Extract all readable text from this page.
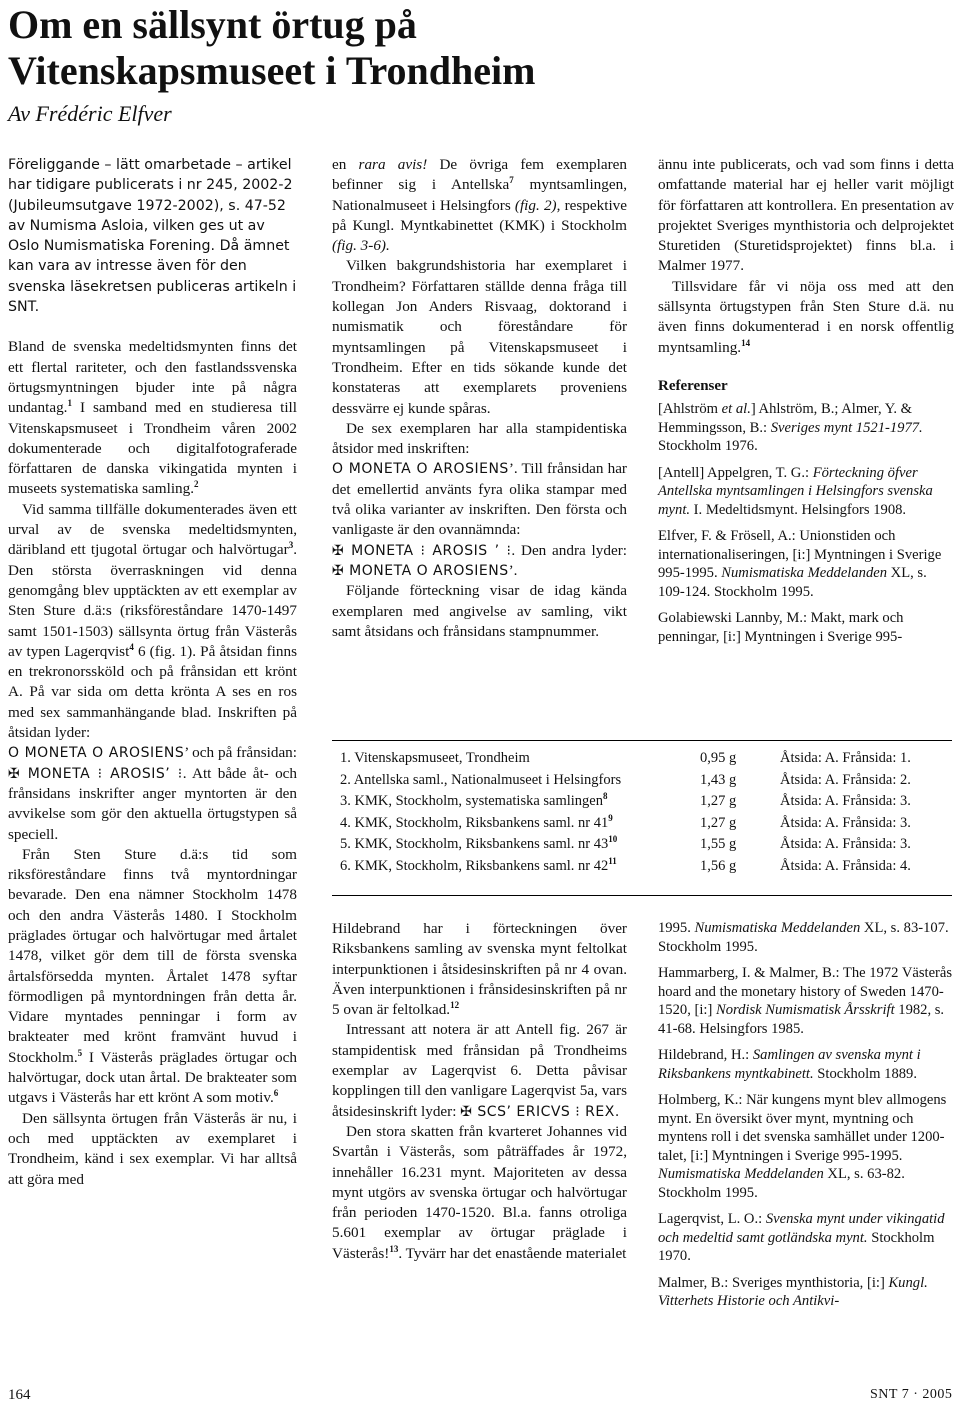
Om en sällsynt örtug på
Vitenskapsmuseet i Trondheim

Av Frédéric Elfver

Föreliggande – lätt omarbetade – artikel har tidigare publicerats i nr 245, 2002-2 (Jubileumsutgave 1972-2002), s. 47-52 av Numisma Asloia, vilken ges ut av Oslo Numismatiska Forening. Då ämnet kan vara av intresse även för den svenska läsekretsen publiceras artikeln i SNT.

Bland de svenska medeltidsmynten finns det ett flertal rariteter, och den fastlandssvenska örtugsmyntningen bjuder inte på några undantag.$^1$ I samband med en studieresa till Vitenskapsmuseet i Trondheim våren 2002 dokumenterade och digitalfotograferade författaren de danska vikingatida mynten i museets systematiska samling.$^2$

Vid samma tillfälle dokumenterades även ett urval av de svenska medeltidsmynten, däribland ett tjugotal örtugar och halvörtugar$^3$. Den största överraskningen vid denna genomgång blev upptäckten av ett exemplar av Sten Sture d.ä:s (riksföreståndare 1470-1497 samt 1501-1503) sällsynta örtug från Västerås av typen Lagerqvist$^4$ 6 (fig. 1). På åtsidan finns en trekronorssköld och på frånsidan ett krönt A. På var sida om detta krönta A ses en ros med sex sammanhängande blad. Inskriften på åtsidan lyder:
O MONETA O AROSIENS’ och på frånsidan: ✠ MONETA ⁝ AROSIS’ ⁝. Att både åt- och frånsidans inskrifter anger myntorten är den avvikelse som gör den aktuella örtugstypen så speciell.

Från Sten Sture d.ä:s tid som riksföreståndare finns två myntordningar bevarade. Den ena nämner Stockholm 1478 och den andra Västerås 1480. I Stockholm präglades örtugar och halvörtugar med årtalet 1478, vilket gör dem till de första svenska årtalsförsedda mynten. Årtalet 1478 syftar förmodligen på myntordningen från detta år. Vidare myntades penningar i form av brakteater med krönt framvänt huvud i Stockholm.$^5$ I Västerås präglades örtugar och halvörtugar, dock utan årtal. De brakteater som utgavs i Västerås har ett krönt A som motiv.$^6$

Den sällsynta örtugen från Västerås är nu, i och med upptäckten av exemplaret i Trondheim, känd i sex exemplar. Vi har alltså att göra med

en rara avis! De övriga fem exemplaren befinner sig i Antellska$^7$ myntsamlingen, Nationalmuseet i Helsingfors (fig. 2), respektive på Kungl. Myntkabinettet (KMK) i Stockholm (fig. 3-6).

Vilken bakgrundshistoria har exemplaret i Trondheim? Författaren ställde denna fråga till kollegan Jon Anders Risvaag, doktorand i numismatik och föreståndare för myntsamlingen på Vitenskapsmuseet i Trondheim. Efter en tids sökande kunde det konstateras att exemplarets proveniens dessvärre ej kunde spåras.

De sex exemplaren har alla stampidentiska åtsidor med inskriften:
O MONETA O AROSIENS’. Till frånsidan har det emellertid använts fyra olika stampar med två olika varianter av inskriften. Den första och vanligaste är den ovannämnda:
✠ MONETA ⁝ AROSIS ’ ⁝. Den andra lyder: ✠ MONETA O AROSIENS’.

Följande förteckning visar de idag kända exemplaren med angivelse av samling, vikt samt åtsidans och frånsidans stampnummer.

ännu inte publicerats, och vad som finns i detta omfattande material har ej heller varit möjligt för författaren att kontrollera. En presentation av projektet Sveriges mynthistoria och delprojektet Sturetiden (Sturetidsprojektet) finns bl.a. i Malmer 1977.

Tillsvidare får vi nöja oss med att den sällsynta örtugstypen från Sten Sture d.ä. nu även finns dokumenterad i en norsk offentlig myntsamling.$^{14}$

Referenser

[Ahlström et al.] Ahlström, B.; Almer, Y. & Hemmingsson, B.: Sveriges mynt 1521-1977. Stockholm 1976.

[Antell] Appelgren, T. G.: Förteckning öfver Antellska myntsamlingen i Helsingfors svenska mynt. I. Medeltidsmynt. Helsingfors 1908.

Elfver, F. & Frösell, A.: Unionstiden och internationaliseringen, [i:] Myntningen i Sverige 995-1995. Numismatiska Meddelanden XL, s. 109-124. Stockholm 1995.

Golabiewski Lannby, M.: Makt, mark och penningar, [i:] Myntningen i Sverige 995-

1. Vitenskapsmuseet, Trondheim	0,95 g	Åtsida: A. Frånsida: 1.
2. Antellska saml., Nationalmuseet i Helsingfors	1,43 g	Åtsida: A. Frånsida: 2.
3. KMK, Stockholm, systematiska samlingen$^8$	1,27 g	Åtsida: A. Frånsida: 3.
4. KMK, Stockholm, Riksbankens saml. nr $41^9$	1,27 g	Åtsida: A. Frånsida: 3.
5. KMK, Stockholm, Riksbankens saml. nr $43^{10}$	1,55 g	Åtsida: A. Frånsida: 3.
6. KMK, Stockholm, Riksbankens saml. nr $42^{11}$	1,56 g	Åtsida: A. Frånsida: 4.

Hildebrand har i förteckningen över Riksbankens samling av svenska mynt feltolkat interpunktionen i åtsidesinskriften på nr 4 ovan. Även interpunktionen i frånsidesinskriften på nr 5 ovan är feltolkad.$^{12}$

Intressant att notera är att Antell fig. 267 är stampidentisk med frånsidan på Trondheims exemplar av Lagerqvist 6. Detta påvisar kopplingen till den vanligare Lagerqvist 5a, vars åtsidesinskrift lyder: ✠ SCS’ ERICVS ⁝ REX.

Den stora skatten från kvarteret Johannes vid Svartån i Västerås, som påträffades år 1972, innehåller 16.231 mynt. Majoriteten av dessa mynt utgörs av svenska örtugar och halvörtugar från perioden 1470-1520. Bl.a. fanns otroliga 5.601 exemplar av örtugar präglade i Västerås!$^{13}$. Tyvärr har det enastående materialet

1995. Numismatiska Meddelanden XL, s. 83-107. Stockholm 1995.

Hammarberg, I. & Malmer, B.: The 1972 Västerås hoard and the monetary history of Sweden 1470-1520, [i:] Nordisk Numismatisk Årsskrift 1982, s. 41-68. Helsingfors 1985.

Hildebrand, H.: Samlingen av svenska mynt i Riksbankens myntkabinett. Stockholm 1889.

Holmberg, K.: När kungens mynt blev allmogens mynt. En översikt över mynt, myntning och myntens roll i det svenska samhället under 1200-talet, [i:] Myntningen i Sverige 995-1995. Numismatiska Meddelanden XL, s. 63-82. Stockholm 1995.

Lagerqvist, L. O.: Svenska mynt under vikingatid och medeltid samt gotländska mynt. Stockholm 1970.

Malmer, B.: Sveriges mynthistoria, [i:] Kungl. Vitterhets Historie och Antikvi-

164	SNT 7 · 2005
